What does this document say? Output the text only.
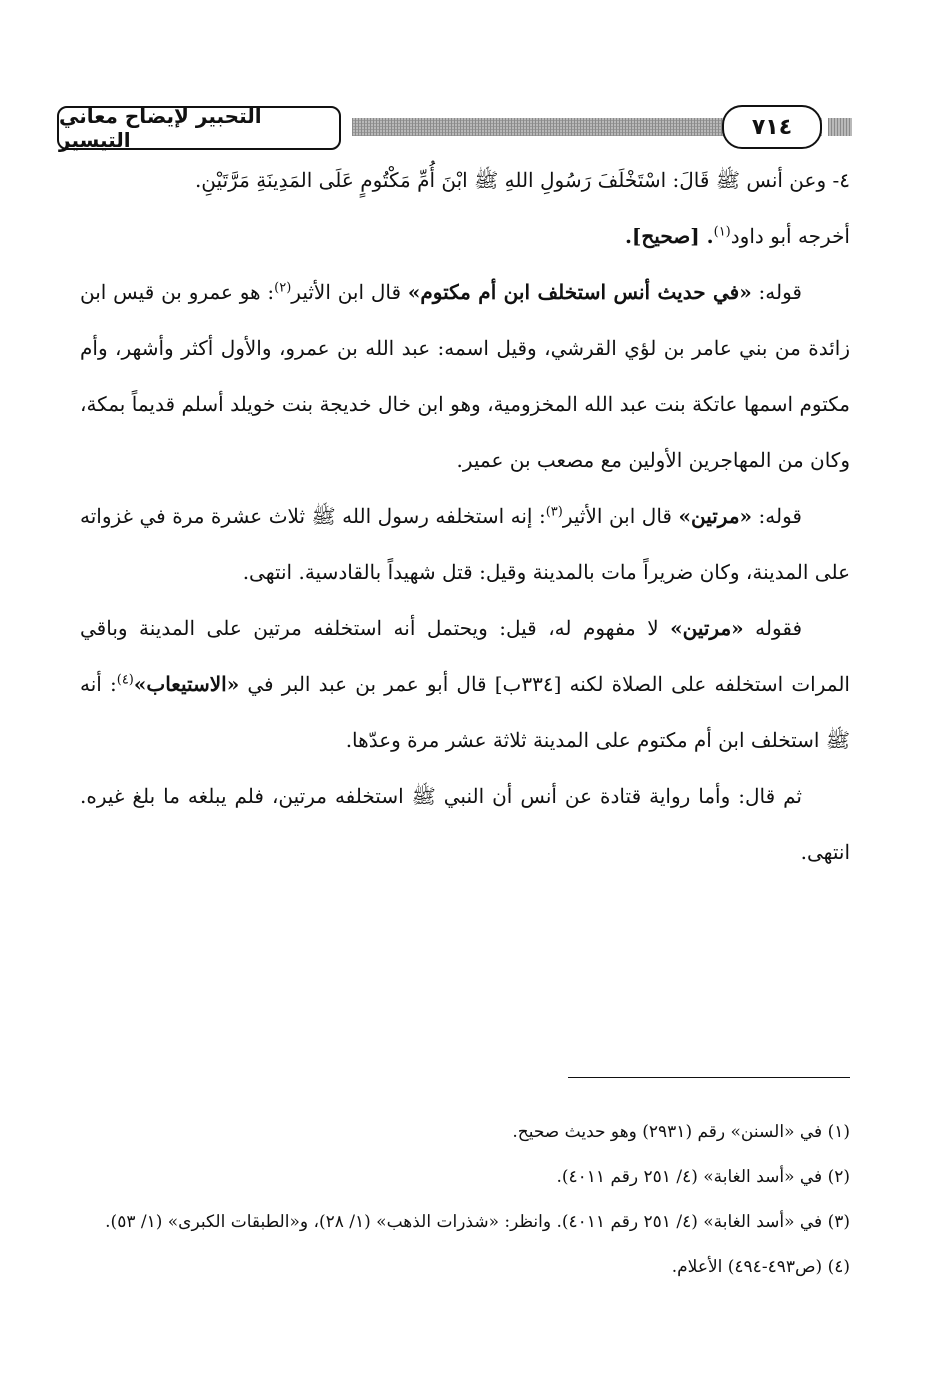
التحبير لإيضاح معاني التيسير
٧١٤

٤- وعن أنس ﷺ قَالَ: اسْتَخْلَفَ رَسُولِ اللهِ ﷺ ابْنَ أُمِّ مَكْتُومٍ عَلَى المَدِينَةِ مَرَّتَيْنِ.

أخرجه أبو داود$^{(١)}$. [صحيح].

قوله: «في حديث أنس استخلف ابن أم مكتوم» قال ابن الأثير$^{(٢)}$: هو عمرو بن قيس ابن زائدة من بني عامر بن لؤي القرشي، وقيل اسمه: عبد الله بن عمرو، والأول أكثر وأشهر، وأم مكتوم اسمها عاتكة بنت عبد الله المخزومية، وهو ابن خال خديجة بنت خويلد أسلم قديماً بمكة، وكان من المهاجرين الأولين مع مصعب بن عمير.

قوله: «مرتين» قال ابن الأثير$^{(٣)}$: إنه استخلفه رسول الله ﷺ ثلاث عشرة مرة في غزواته على المدينة، وكان ضريراً مات بالمدينة وقيل: قتل شهيداً بالقادسية. انتهى.

فقوله «مرتين» لا مفهوم له، قيل: ويحتمل أنه استخلفه مرتين على المدينة وباقي المرات استخلفه على الصلاة لكنه [٣٣٤ب] قال أبو عمر بن عبد البر في «الاستيعاب»$^{(٤)}$: أنه ﷺ استخلف ابن أم مكتوم على المدينة ثلاثة عشر مرة وعدّها.

ثم قال: وأما رواية قتادة عن أنس أن النبي ﷺ استخلفه مرتين، فلم يبلغه ما بلغ غيره. انتهى.

(١) في «السنن» رقم (٢٩٣١) وهو حديث صحيح.

(٢) في «أسد الغابة» (٤/ ٢٥١ رقم ٤٠١١).

(٣) في «أسد الغابة» (٤/ ٢٥١ رقم ٤٠١١). وانظر: «شذرات الذهب» (١/ ٢٨)، و«الطبقات الكبرى» (١/ ٥٣).

(٤) (ص٤٩٣-٤٩٤) الأعلام.
